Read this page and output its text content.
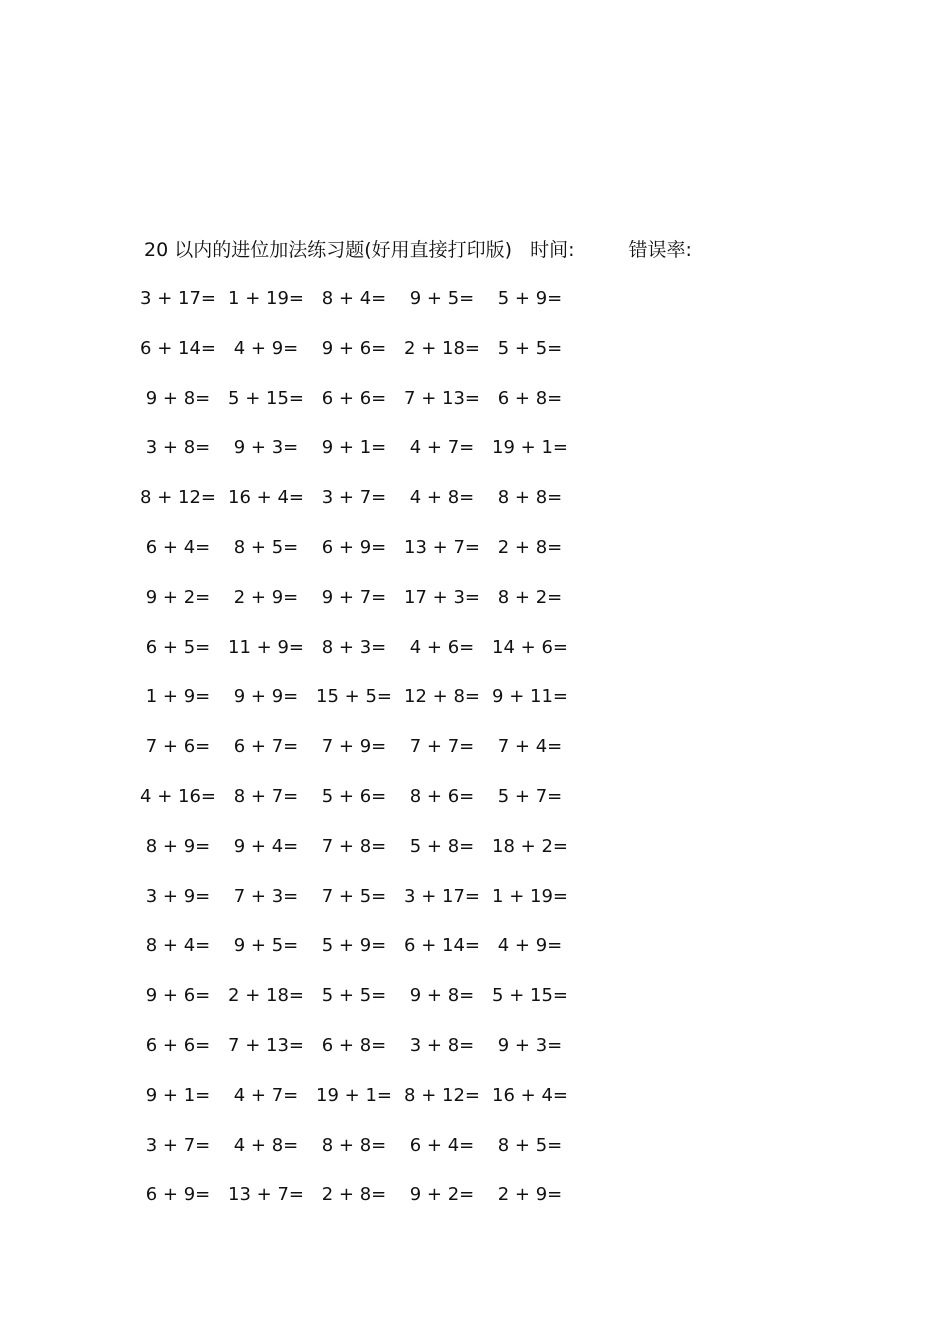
20 以内的进位加法练习题(好用直接打印版) 时间:	错误率:
3 + 17= 1 + 19= 8 + 4=	9 + 5=	5 + 9=
6 + 14= 4 + 9=	9 + 6= 2 + 18= 5 + 5=
9 + 8= 5 + 15= 6 + 6= 7 + 13= 6 + 8=
3 + 8=	9 + 3=	9 + 1=	4 + 7= 19 + 1=
8 + 12= 16 + 4= 3 + 7=	4 + 8=	8 + 8=
6 + 4=	8 + 5=	6 + 9= 13 + 7= 2 + 8=
9 + 2=	2 + 9=	9 + 7= 17 + 3= 8 + 2=
6 + 5= 11 + 9= 8 + 3=	4 + 6= 14 + 6=
1 + 9=	9 + 9= 15 + 5= 12 + 8= 9 + 11=
7 + 6=	6 + 7=	7 + 9=	7 + 7=	7 + 4=
4 + 16= 8 + 7=	5 + 6=	8 + 6=	5 + 7=
8 + 9=	9 + 4=	7 + 8=	5 + 8= 18 + 2=
3 + 9=	7 + 3=	7 + 5= 3 + 17= 1 + 19=
8 + 4=	9 + 5=	5 + 9= 6 + 14= 4 + 9=
9 + 6= 2 + 18= 5 + 5=	9 + 8= 5 + 15=
6 + 6= 7 + 13= 6 + 8=	3 + 8=	9 + 3=
9 + 1=	4 + 7= 19 + 1= 8 + 12= 16 + 4=
3 + 7=	4 + 8=	8 + 8=	6 + 4=	8 + 5=
6 + 9= 13 + 7= 2 + 8=	9 + 2=	2 + 9=
